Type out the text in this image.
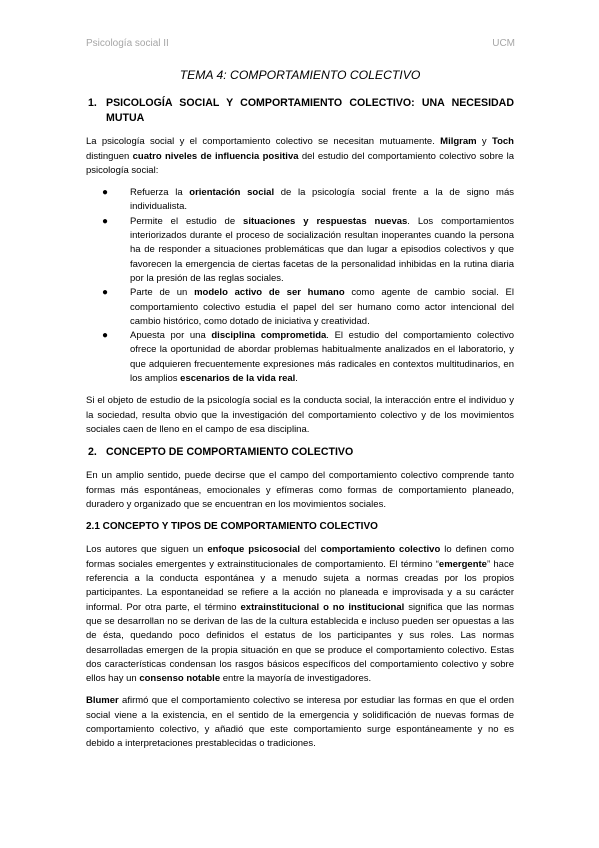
Psicología social II	UCM
TEMA 4: COMPORTAMIENTO COLECTIVO
1. PSICOLOGÍA SOCIAL Y COMPORTAMIENTO COLECTIVO: UNA NECESIDAD MUTUA

La psicología social y el comportamiento colectivo se necesitan mutuamente. Milgram y Toch distinguen cuatro niveles de influencia positiva del estudio del comportamiento colectivo sobre la psicología social:

● Refuerza la orientación social de la psicología social frente a la de signo más individualista.
● Permite el estudio de situaciones y respuestas nuevas. Los comportamientos interiorizados durante el proceso de socialización resultan inoperantes cuando la persona ha de responder a situaciones problemáticas que dan lugar a episodios colectivos y que favorecen la emergencia de ciertas facetas de la personalidad inhibidas en la rutina diaria por la presión de las reglas sociales.
● Parte de un modelo activo de ser humano como agente de cambio social. El comportamiento colectivo estudia el papel del ser humano como actor intencional del cambio histórico, como dotado de iniciativa y creatividad.
● Apuesta por una disciplina comprometida. El estudio del comportamiento colectivo ofrece la oportunidad de abordar problemas habitualmente analizados en el laboratorio, y que adquieren frecuentemente expresiones más radicales en contextos multitudinarios, en los amplios escenarios de la vida real.

Si el objeto de estudio de la psicología social es la conducta social, la interacción entre el individuo y la sociedad, resulta obvio que la investigación del comportamiento colectivo y de los movimientos sociales caen de lleno en el campo de esa disciplina.

2. CONCEPTO DE COMPORTAMIENTO COLECTIVO

En un amplio sentido, puede decirse que el campo del comportamiento colectivo comprende tanto formas más espontáneas, emocionales y efímeras como formas de comportamiento planeado, duradero y organizado que se encuentran en los movimientos sociales.

2.1 CONCEPTO Y TIPOS DE COMPORTAMIENTO COLECTIVO

Los autores que siguen un enfoque psicosocial del comportamiento colectivo lo definen como formas sociales emergentes y extrainstitucionales de comportamiento. El término “emergente” hace referencia a la conducta espontánea y a menudo sujeta a normas creadas por los propios participantes. La espontaneidad se refiere a la acción no planeada e improvisada y a su carácter informal. Por otra parte, el término extrainstitucional o no institucional significa que las normas que se desarrollan no se derivan de las de la cultura establecida e incluso pueden ser opuestas a las de ésta, quedando poco definidos el estatus de los participantes y sus roles. Las normas desarrolladas emergen de la propia situación en que se produce el comportamiento colectivo. Estas dos características condensan los rasgos básicos específicos del comportamiento colectivo y sobre ellos hay un consenso notable entre la mayoría de investigadores.

Blumer afirmó que el comportamiento colectivo se interesa por estudiar las formas en que el orden social viene a la existencia, en el sentido de la emergencia y solidificación de nuevas formas de comportamiento colectivo, y añadió que este comportamiento surge espontáneamente y no es debido a interpretaciones prestablecidas o tradiciones.
